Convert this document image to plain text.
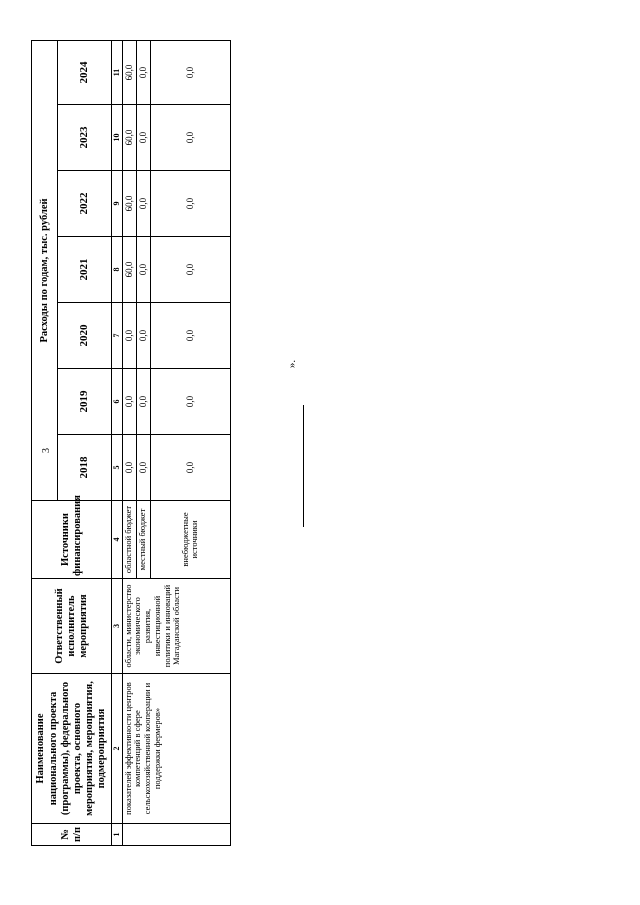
3
№
п/п	Наименование национального проекта (программы), федерального проекта, основного мероприятия, мероприятия, подмероприятия	Ответственный исполнитель мероприятия	Источники финансирования	Расходы по годам, тыс. рублей						
				2018	2019	2020	2021	2022	2023	2024
1	2	3	4	5	6	7	8	9	10	11
	показателей эффективности центров компетенций в сфере сельскохозяйственной кооперации и поддержки фермеров»	области, министерство экономического развития, инвестиционной политики и инноваций Магаданской области	областной бюджет	0,0	0,0	0,0	60,0	60,0	60,0	60,0
			местный бюджет	0,0	0,0	0,0	0,0	0,0	0,0	0,0
			внебюджетные источники	0,0	0,0	0,0	0,0	0,0	0,0	0,0
».
